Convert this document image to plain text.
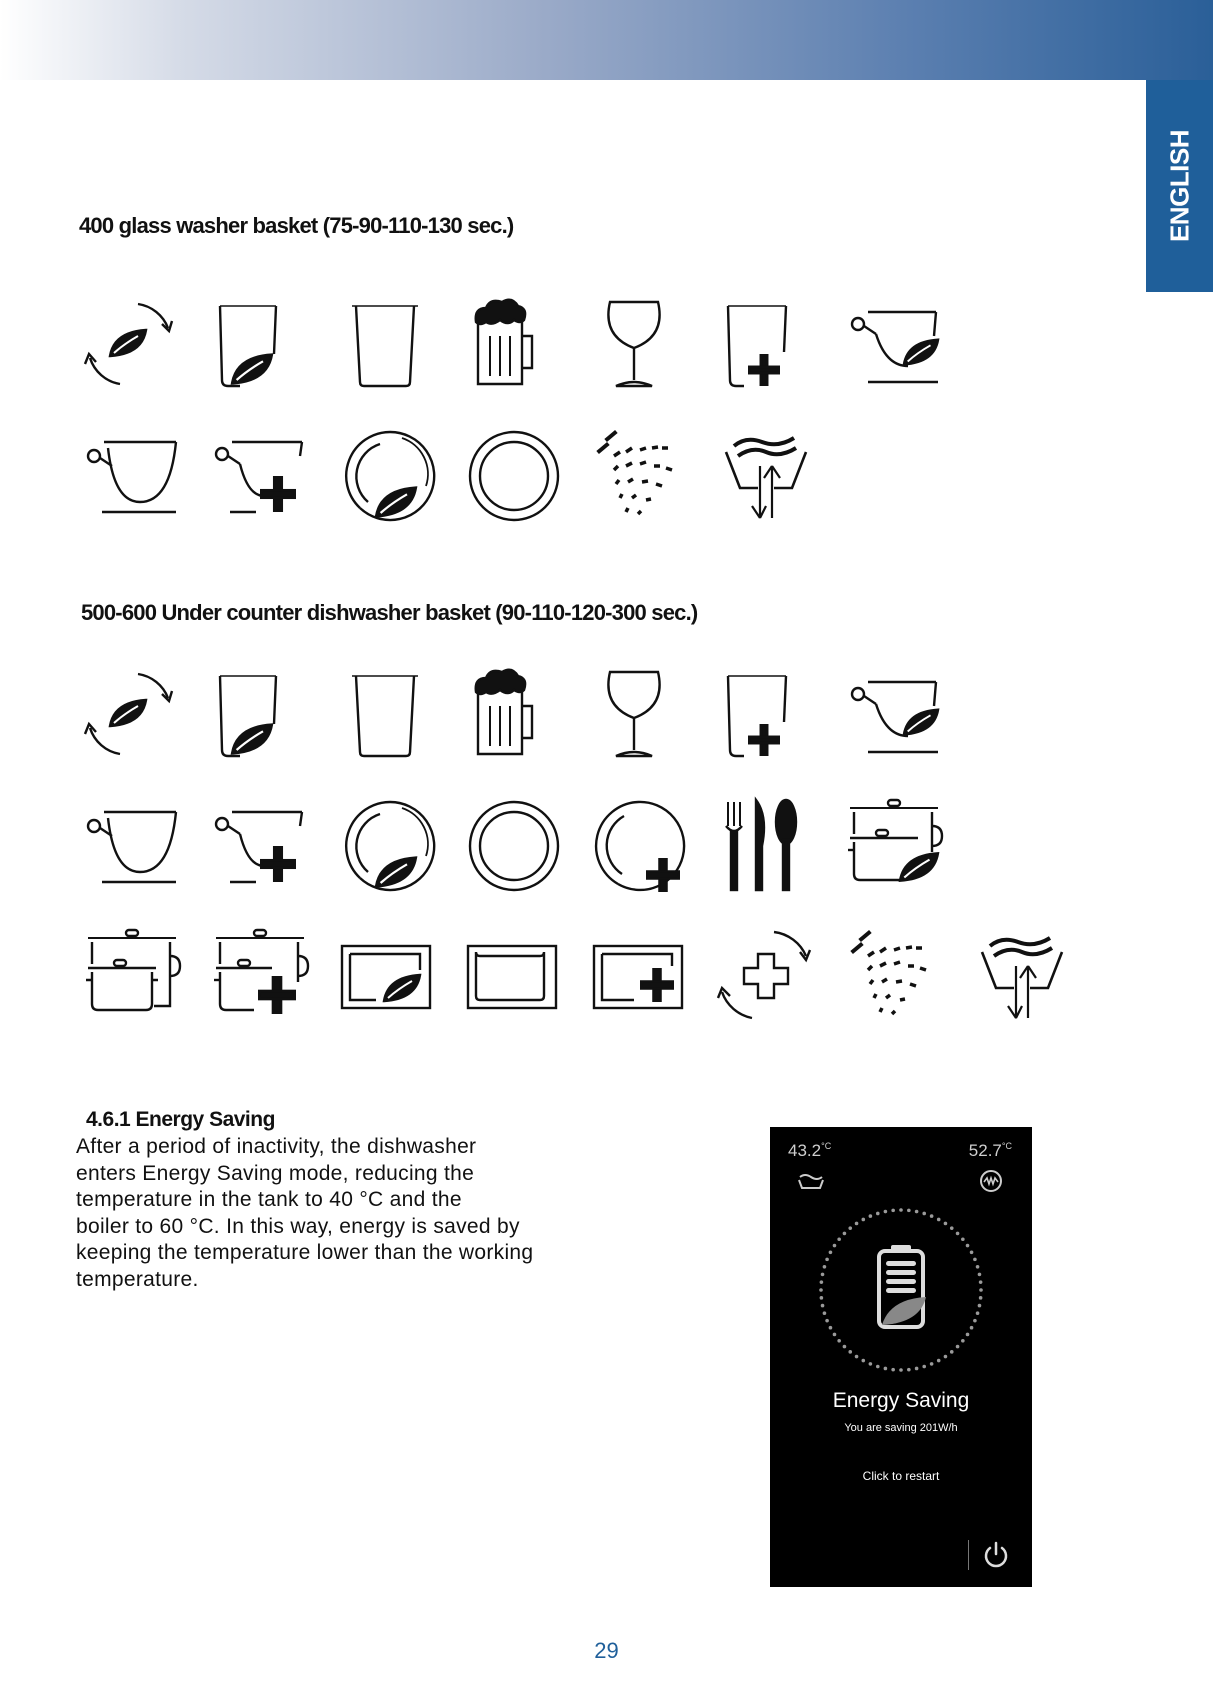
ENGLISH
400 glass washer basket (75-90-110-130 sec.)
500-600 Under counter dishwasher basket (90-110-120-300 sec.)
4.6.1 Energy Saving

After a period of inactivity, the dishwasher
enters Energy Saving mode, reducing the
temperature in the tank to 40 °C and the
boiler to 60 °C. In this way, energy is saved by
keeping the temperature lower than the working
temperature.

$43.2^{^\circ C}$	$52.7^{^\circ C}$
Energy Saving
You are saving 201W/h
Click to restart
29
